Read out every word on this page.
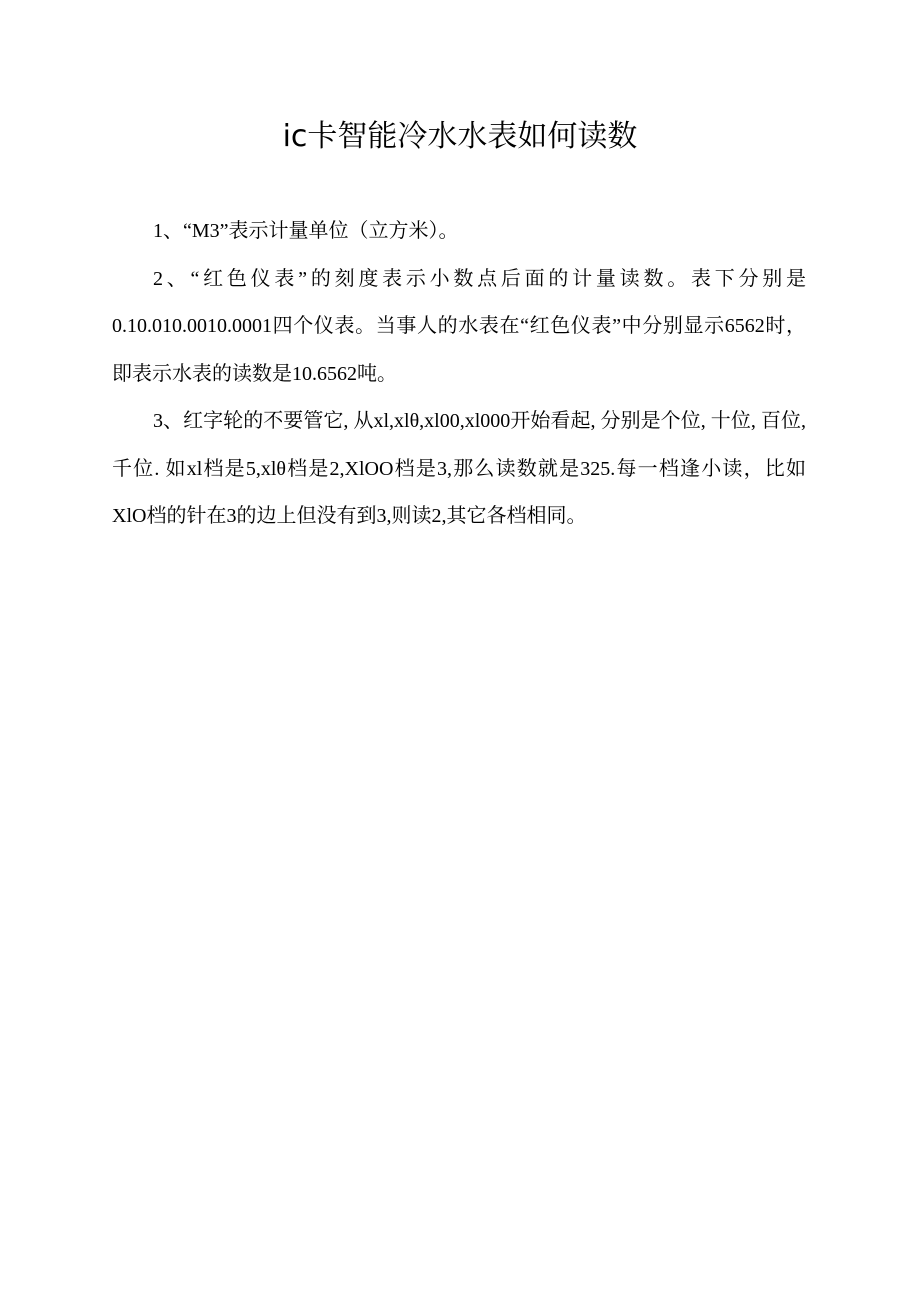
ic卡智能冷水水表如何读数

1、“M3”表示计量单位（立方米）。

2、“红色仪表”的刻度表示小数点后面的计量读数。表下分别是0.10.010.0010.0001四个仪表。当事人的水表在“红色仪表”中分别显示6562时，即表示水表的读数是10.6562吨。

3、红字轮的不要管它, 从xl,xlθ,xl00,xl000开始看起, 分别是个位, 十位, 百位, 千位. 如xl档是5,xlθ档是2,XlOO档是3,那么读数就是325.每一档逢小读，比如XlO档的针在3的边上但没有到3,则读2,其它各档相同。
